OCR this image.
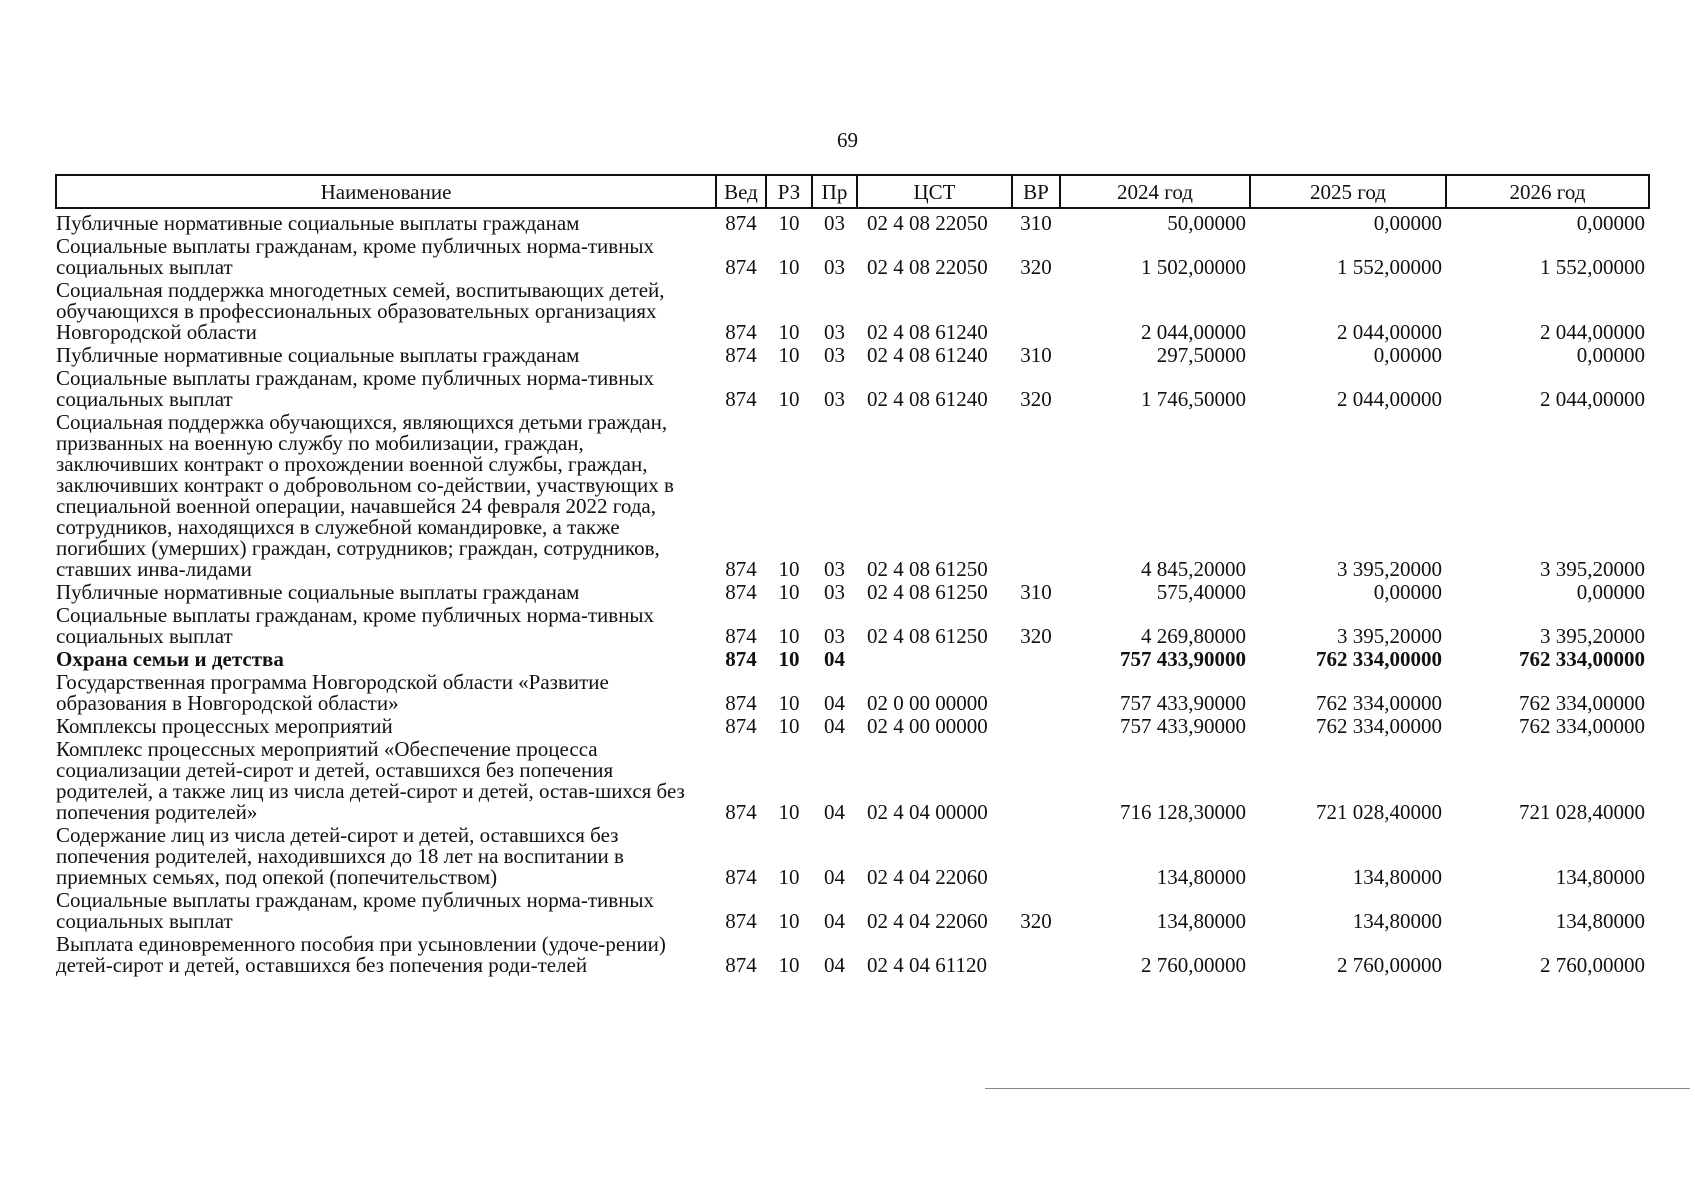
69
Наименование	Вед	РЗ	Пр	ЦСТ	ВР	2024 год	2025 год	2026 год
Публичные нормативные социальные выплаты гражданам	874	10	03	02 4 08 22050	310	50,00000	0,00000	0,00000
Социальные выплаты гражданам, кроме публичных норма-тивных социальных выплат	874	10	03	02 4 08 22050	320	1 502,00000	1 552,00000	1 552,00000
Социальная поддержка многодетных семей, воспитывающих детей, обучающихся в профессиональных образовательных организациях Новгородской области	874	10	03	02 4 08 61240		2 044,00000	2 044,00000	2 044,00000
Публичные нормативные социальные выплаты гражданам	874	10	03	02 4 08 61240	310	297,50000	0,00000	0,00000
Социальные выплаты гражданам, кроме публичных норма-тивных социальных выплат	874	10	03	02 4 08 61240	320	1 746,50000	2 044,00000	2 044,00000
Социальная поддержка обучающихся, являющихся детьми граждан, призванных на военную службу по мобилизации, граждан, заключивших контракт о прохождении военной службы, граждан, заключивших контракт о добровольном со-действии, участвующих в специальной военной операции, начавшейся 24 февраля 2022 года, сотрудников, находящихся в служебной командировке, а также погибших (умерших) граждан, сотрудников; граждан, сотрудников, ставших инва-лидами	874	10	03	02 4 08 61250		4 845,20000	3 395,20000	3 395,20000
Публичные нормативные социальные выплаты гражданам	874	10	03	02 4 08 61250	310	575,40000	0,00000	0,00000
Социальные выплаты гражданам, кроме публичных норма-тивных социальных выплат	874	10	03	02 4 08 61250	320	4 269,80000	3 395,20000	3 395,20000
Охрана семьи и детства	874	10	04			757 433,90000	762 334,00000	762 334,00000
Государственная программа Новгородской области «Развитие образования в Новгородской области»	874	10	04	02 0 00 00000		757 433,90000	762 334,00000	762 334,00000
Комплексы процессных мероприятий	874	10	04	02 4 00 00000		757 433,90000	762 334,00000	762 334,00000
Комплекс процессных мероприятий «Обеспечение процесса социализации детей-сирот и детей, оставшихся без попечения родителей, а также лиц из числа детей-сирот и детей, остав-шихся без попечения родителей»	874	10	04	02 4 04 00000		716 128,30000	721 028,40000	721 028,40000
Содержание лиц из числа детей-сирот и детей, оставшихся без попечения родителей, находившихся до 18 лет на воспитании в приемных семьях, под опекой (попечительством)	874	10	04	02 4 04 22060		134,80000	134,80000	134,80000
Социальные выплаты гражданам, кроме публичных норма-тивных социальных выплат	874	10	04	02 4 04 22060	320	134,80000	134,80000	134,80000
Выплата единовременного пособия при усыновлении (удоче-рении) детей-сирот и детей, оставшихся без попечения роди-телей	874	10	04	02 4 04 61120		2 760,00000	2 760,00000	2 760,00000
